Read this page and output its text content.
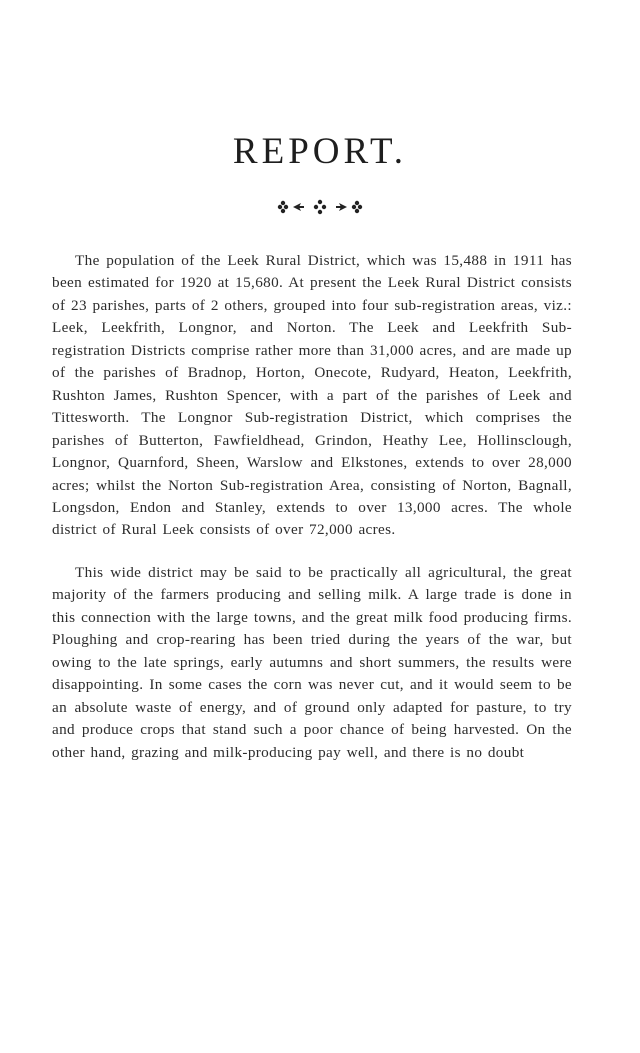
REPORT.

The population of the Leek Rural District, which was 15,488 in 1911 has been estimated for 1920 at 15,680. At present the Leek Rural District consists of 23 parishes, parts of 2 others, grouped into four sub-registration areas, viz.: Leek, Leekfrith, Longnor, and Norton. The Leek and Leekfrith Sub-registration Districts comprise rather more than 31,000 acres, and are made up of the parishes of Bradnop, Horton, Onecote, Rudyard, Heaton, Leekfrith, Rushton James, Rushton Spencer, with a part of the parishes of Leek and Tittesworth. The Longnor Sub-registration District, which comprises the parishes of Butterton, Fawfieldhead, Grindon, Heathy Lee, Hollinsclough, Longnor, Quarnford, Sheen, Warslow and Elkstones, extends to over 28,000 acres; whilst the Norton Sub-registration Area, consisting of Norton, Bagnall, Longsdon, Endon and Stanley, extends to over 13,000 acres. The whole district of Rural Leek consists of over 72,000 acres.

This wide district may be said to be practically all agricultural, the great majority of the farmers producing and selling milk. A large trade is done in this connection with the large towns, and the great milk food producing firms. Ploughing and crop-rearing has been tried during the years of the war, but owing to the late springs, early autumns and short summers, the results were disappointing. In some cases the corn was never cut, and it would seem to be an absolute waste of energy, and of ground only adapted for pasture, to try and produce crops that stand such a poor chance of being harvested. On the other hand, grazing and milk-producing pay well, and there is no doubt
